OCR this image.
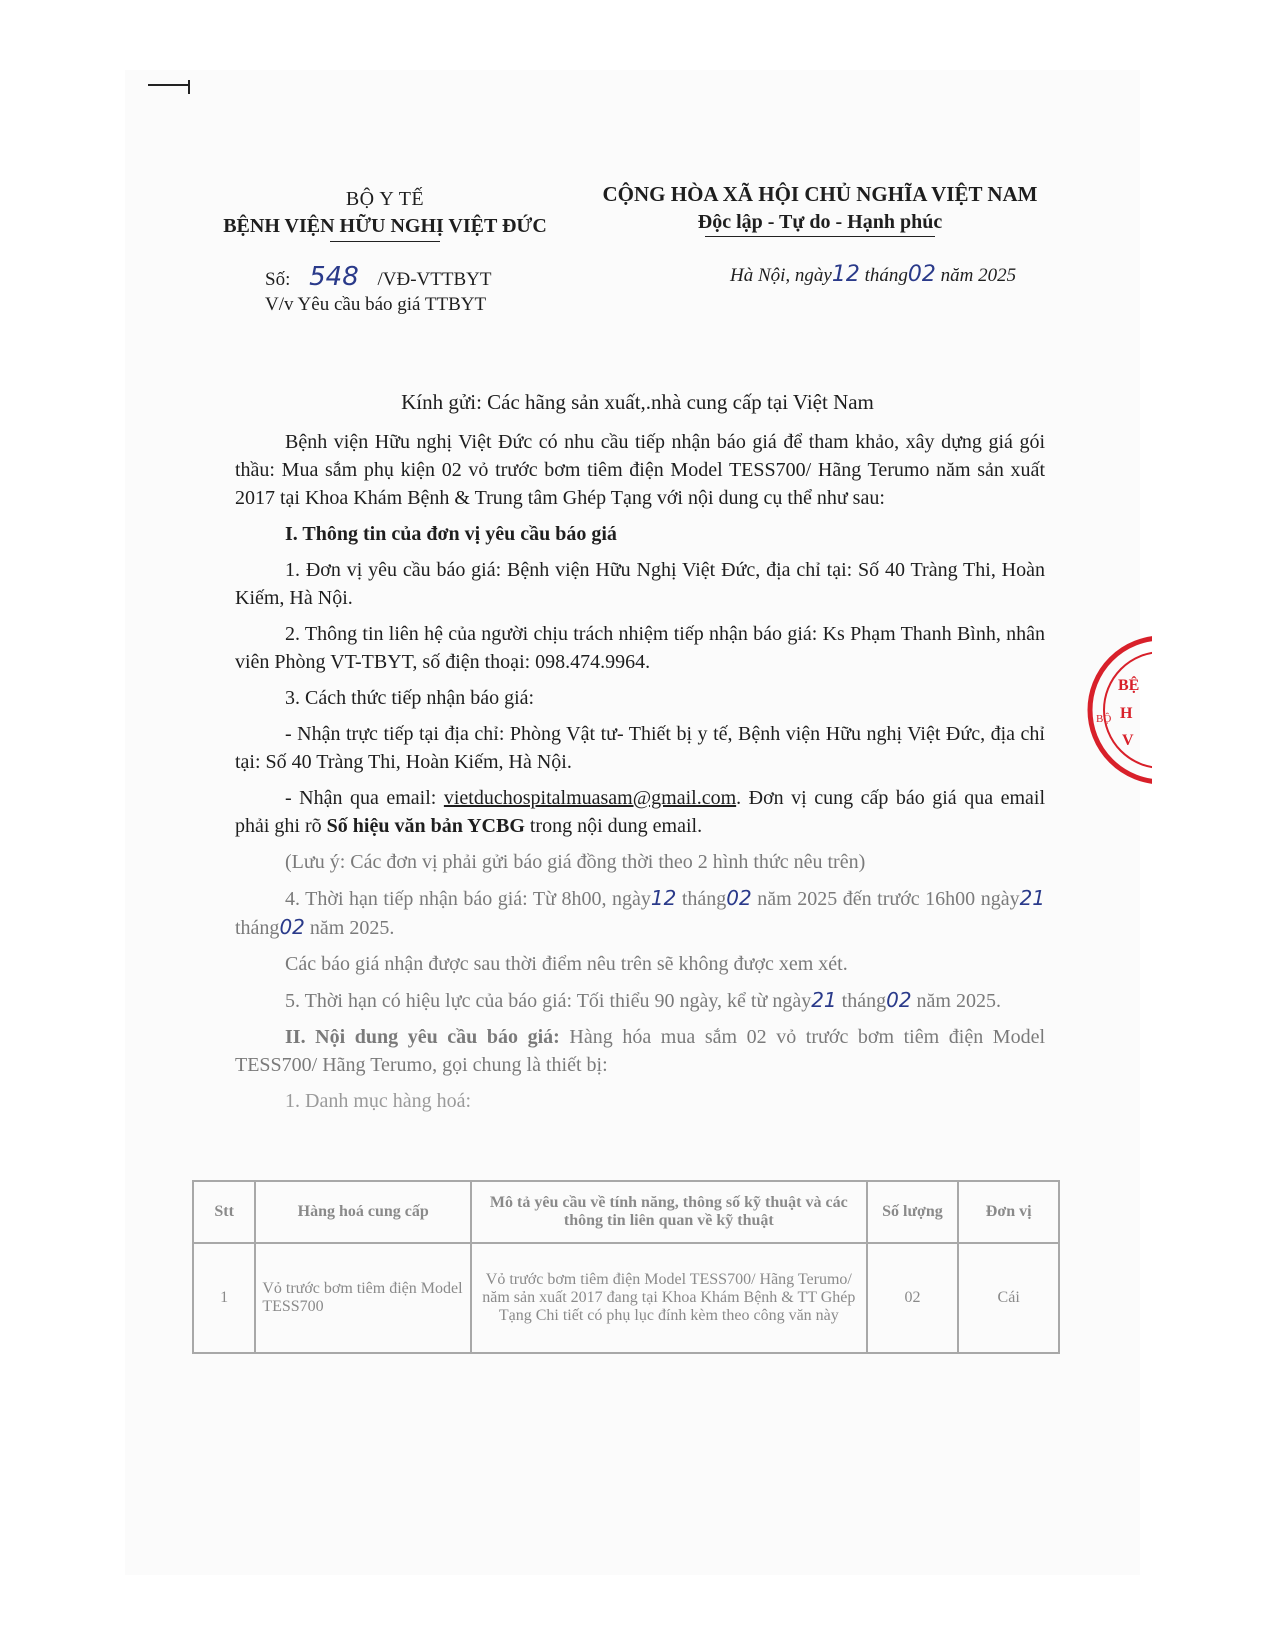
BỘ Y TẾ
BỆNH VIỆN HỮU NGHỊ VIỆT ĐỨC
CỘNG HÒA XÃ HỘI CHỦ NGHĨA VIỆT NAM
Độc lập - Tự do - Hạnh phúc
Số: 548 /VĐ-VTTBYT
V/v Yêu cầu báo giá TTBYT
Hà Nội, ngày12 tháng02 năm 2025
Kính gửi: Các hãng sản xuất,.nhà cung cấp tại Việt Nam

Bệnh viện Hữu nghị Việt Đức có nhu cầu tiếp nhận báo giá để tham khảo, xây dựng giá gói thầu: Mua sắm phụ kiện 02 vỏ trước bơm tiêm điện Model TESS700/ Hãng Terumo năm sản xuất 2017 tại Khoa Khám Bệnh & Trung tâm Ghép Tạng với nội dung cụ thể như sau:

I. Thông tin của đơn vị yêu cầu báo giá

1. Đơn vị yêu cầu báo giá: Bệnh viện Hữu Nghị Việt Đức, địa chỉ tại: Số 40 Tràng Thi, Hoàn Kiếm, Hà Nội.

2. Thông tin liên hệ của người chịu trách nhiệm tiếp nhận báo giá: Ks Phạm Thanh Bình, nhân viên Phòng VT-TBYT, số điện thoại: 098.474.9964.

3. Cách thức tiếp nhận báo giá:

- Nhận trực tiếp tại địa chỉ: Phòng Vật tư- Thiết bị y tế, Bệnh viện Hữu nghị Việt Đức, địa chỉ tại: Số 40 Tràng Thi, Hoàn Kiếm, Hà Nội.

- Nhận qua email: vietduchospitalmuasam@gmail.com. Đơn vị cung cấp báo giá qua email phải ghi rõ Số hiệu văn bản YCBG trong nội dung email.

(Lưu ý: Các đơn vị phải gửi báo giá đồng thời theo 2 hình thức nêu trên)

4. Thời hạn tiếp nhận báo giá: Từ 8h00, ngày12 tháng02 năm 2025 đến trước 16h00 ngày21 tháng02 năm 2025.

Các báo giá nhận được sau thời điểm nêu trên sẽ không được xem xét.

5. Thời hạn có hiệu lực của báo giá: Tối thiểu 90 ngày, kể từ ngày21 tháng02 năm 2025.

II. Nội dung yêu cầu báo giá: Hàng hóa mua sắm 02 vỏ trước bơm tiêm điện Model TESS700/ Hãng Terumo, gọi chung là thiết bị:

1. Danh mục hàng hoá:

Stt	Hàng hoá cung cấp	Mô tả yêu cầu về tính năng, thông số kỹ thuật và các thông tin liên quan về kỹ thuật	Số lượng	Đơn vị
1	Vỏ trước bơm tiêm điện Model TESS700	Vỏ trước bơm tiêm điện Model TESS700/ Hãng Terumo/ năm sản xuất 2017 đang tại Khoa Khám Bệnh & TT Ghép Tạng Chi tiết có phụ lục đính kèm theo công văn này	02	Cái
BỆ
H
V
BỘ
